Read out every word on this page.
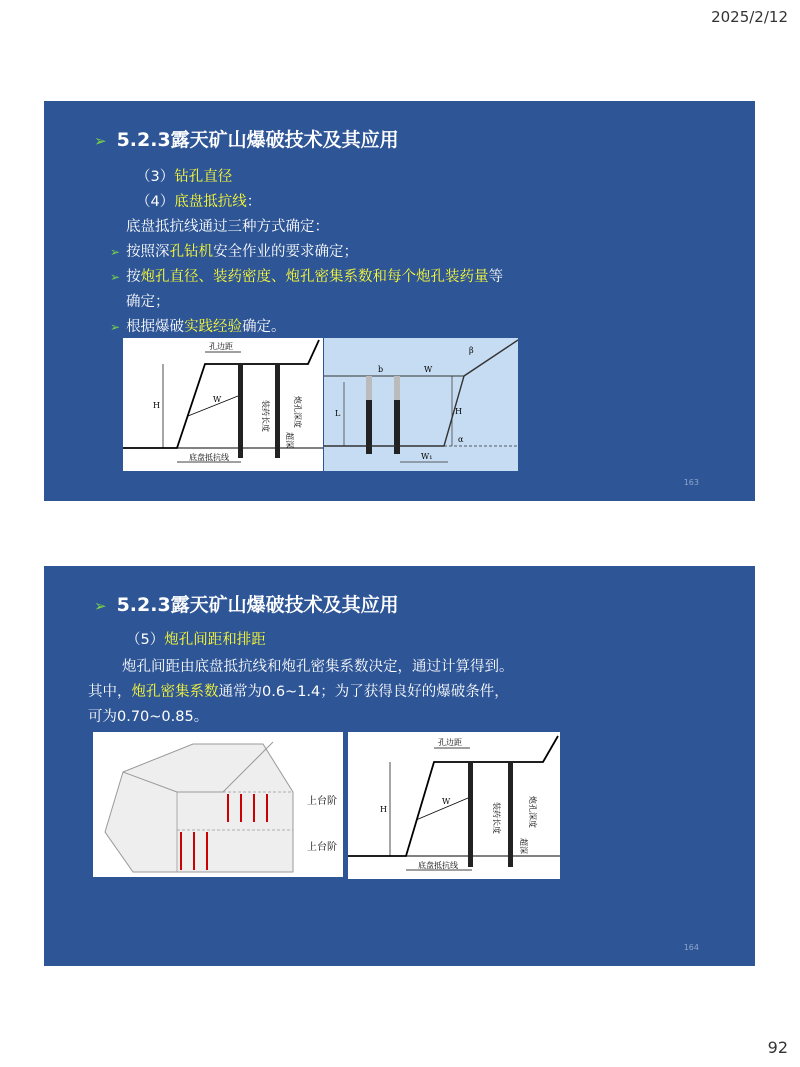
2025/2/12
➢ 5.2.3露天矿山爆破技术及其应用
（3）钻孔直径
（4）底盘抵抗线：
底盘抵抗线通过三种方式确定：
➢ 按照深孔钻机安全作业的要求确定；
➢ 按炮孔直径、装药密度、炮孔密集系数和每个炮孔装药量等
确定；
➢ 根据爆破实践经验确定。
孔边距
H
W
装药长度	炮孔深度
超深
底盘抵抗线
L
b	W
H
W₁
β
α
163
➢ 5.2.3露天矿山爆破技术及其应用
（5）炮孔间距和排距
炮孔间距由底盘抵抗线和炮孔密集系数决定，通过计算得到。
其中，炮孔密集系数通常为0.6~1.4；为了获得良好的爆破条件，
可为0.70~0.85。
上台阶
上台阶
孔边距
H
W
装药长度	炮孔深度
超深
底盘抵抗线
164
92
